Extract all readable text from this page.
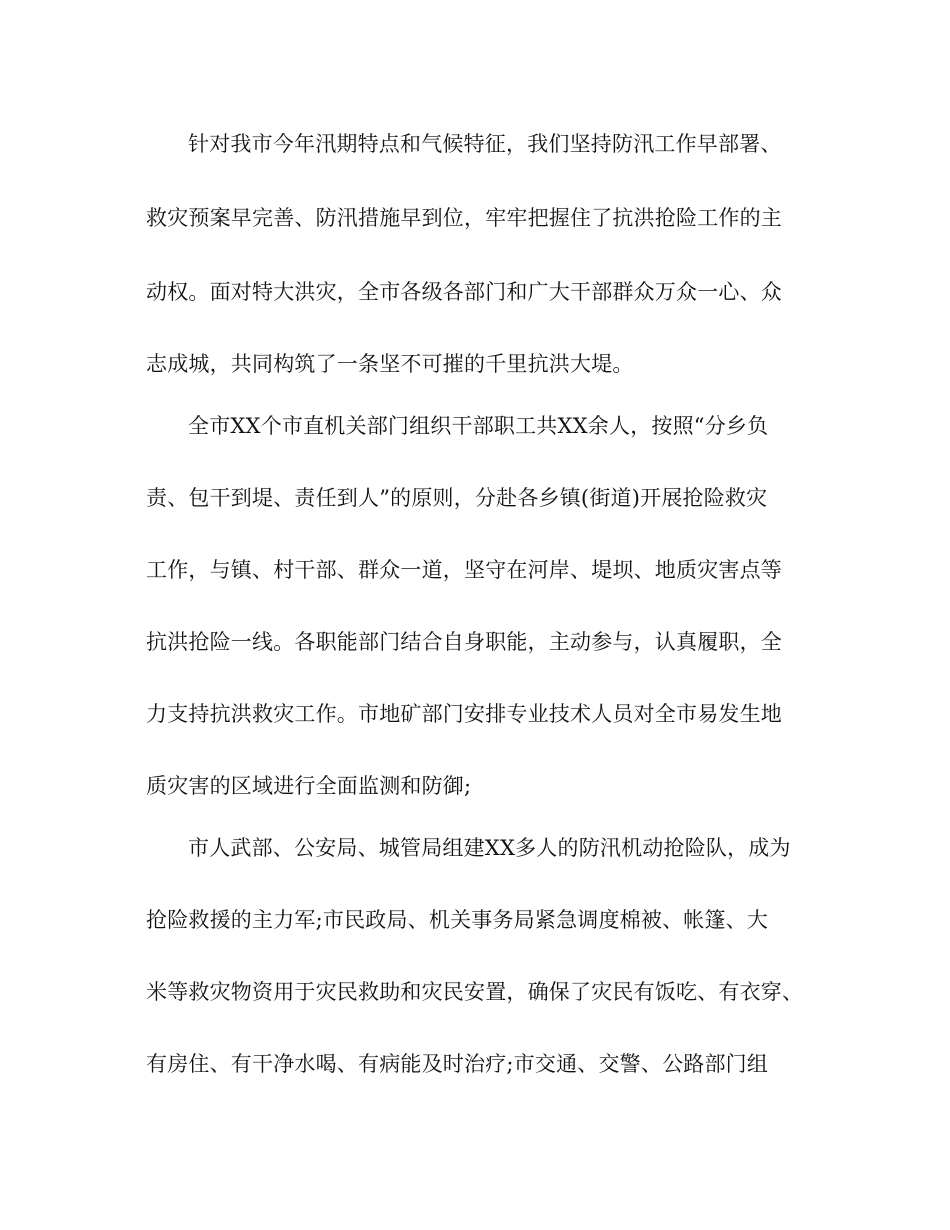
针对我市今年汛期特点和气候特征，我们坚持防汛工作早部署、
救灾预案早完善、防汛措施早到位，牢牢把握住了抗洪抢险工作的主
动权。面对特大洪灾，全市各级各部门和广大干部群众万众一心、众
志成城，共同构筑了一条坚不可摧的千里抗洪大堤。
全市XX个市直机关部门组织干部职工共XX余人，按照“分乡负
责、包干到堤、责任到人”的原则，分赴各乡镇(街道)开展抢险救灾
工作，与镇、村干部、群众一道，坚守在河岸、堤坝、地质灾害点等
抗洪抢险一线。各职能部门结合自身职能，主动参与，认真履职，全
力支持抗洪救灾工作。市地矿部门安排专业技术人员对全市易发生地
质灾害的区域进行全面监测和防御;
市人武部、公安局、城管局组建XX多人的防汛机动抢险队，成为
抢险救援的主力军;市民政局、机关事务局紧急调度棉被、帐篷、大
米等救灾物资用于灾民救助和灾民安置，确保了灾民有饭吃、有衣穿、
有房住、有干净水喝、有病能及时治疗;市交通、交警、公路部门组
